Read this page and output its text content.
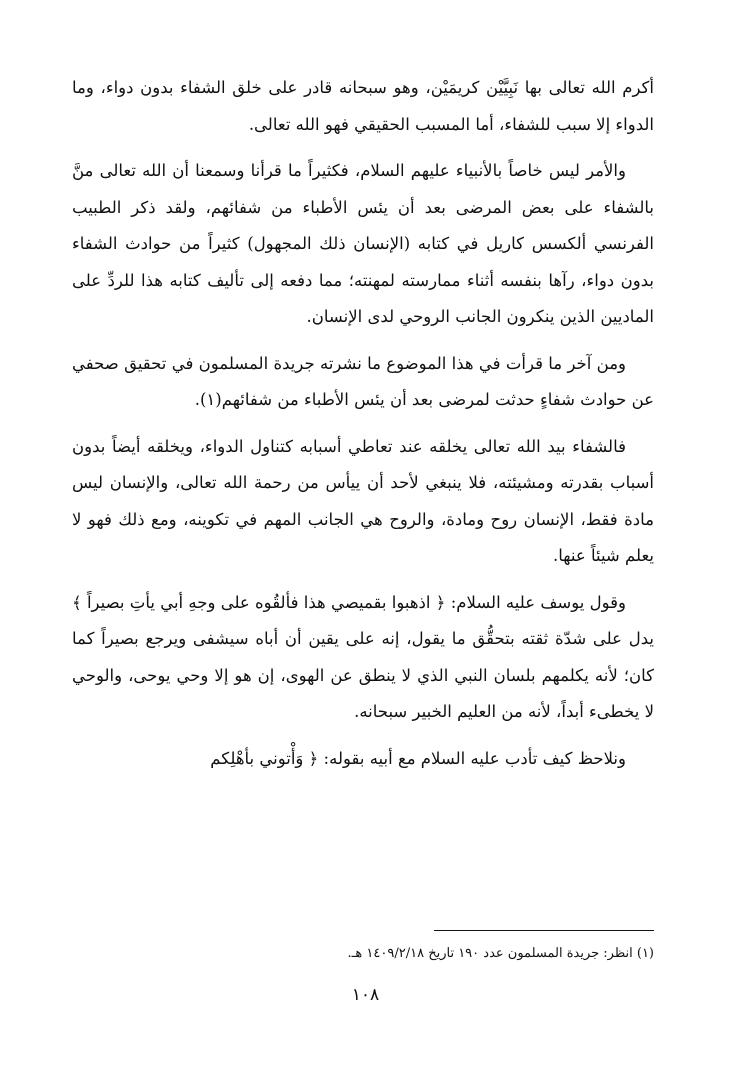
أكرم الله تعالى بها نَبِيَّيْن كريمَيْن، وهو سبحانه قادر على خلق الشفاء بدون دواء، وما الدواء إلا سبب للشفاء، أما المسبب الحقيقي فهو الله تعالى.

والأمر ليس خاصاً بالأنبياء عليهم السلام، فكثيراً ما قرأنا وسمعنا أن الله تعالى منَّ بالشفاء على بعض المرضى بعد أن يئس الأطباء من شفائهم، ولقد ذكر الطبيب الفرنسي ألكسس كاريل في كتابه (الإنسان ذلك المجهول) كثيراً من حوادث الشفاء بدون دواء، رآها بنفسه أثناء ممارسته لمهنته؛ مما دفعه إلى تأليف كتابه هذا للردِّ على الماديين الذين ينكرون الجانب الروحي لدى الإنسان.

ومن آخر ما قرأت في هذا الموضوع ما نشرته جريدة المسلمون في تحقيق صحفي عن حوادث شفاءٍ حدثت لمرضى بعد أن يئس الأطباء من شفائهم(١).

فالشفاء بيد الله تعالى يخلقه عند تعاطي أسبابه كتناول الدواء، ويخلقه أيضاً بدون أسباب بقدرته ومشيئته، فلا ينبغي لأحد أن ييأس من رحمة الله تعالى، والإنسان ليس مادة فقط، الإنسان روح ومادة، والروح هي الجانب المهم في تكوينه، ومع ذلك فهو لا يعلم شيئاً عنها.

وقول يوسف عليه السلام: ﴿ اذهبوا بقميصي هذا فألقُوه على وجهِ أبي يأتِ بصيراً ﴾ يدل على شدّة ثقته بتحقُّق ما يقول، إنه على يقين أن أباه سيشفى ويرجع بصيراً كما كان؛ لأنه يكلمهم بلسان النبي الذي لا ينطق عن الهوى، إن هو إلا وحي يوحى، والوحي لا يخطىء أبداً، لأنه من العليم الخبير سبحانه.

ونلاحظ كيف تأدب عليه السلام مع أبيه بقوله: ﴿ وَأْتوني بأهْلِكم

(١) انظر: جريدة المسلمون عدد ١٩٠ تاريخ ١٤٠٩/٢/١٨ هـ.
١٠٨
